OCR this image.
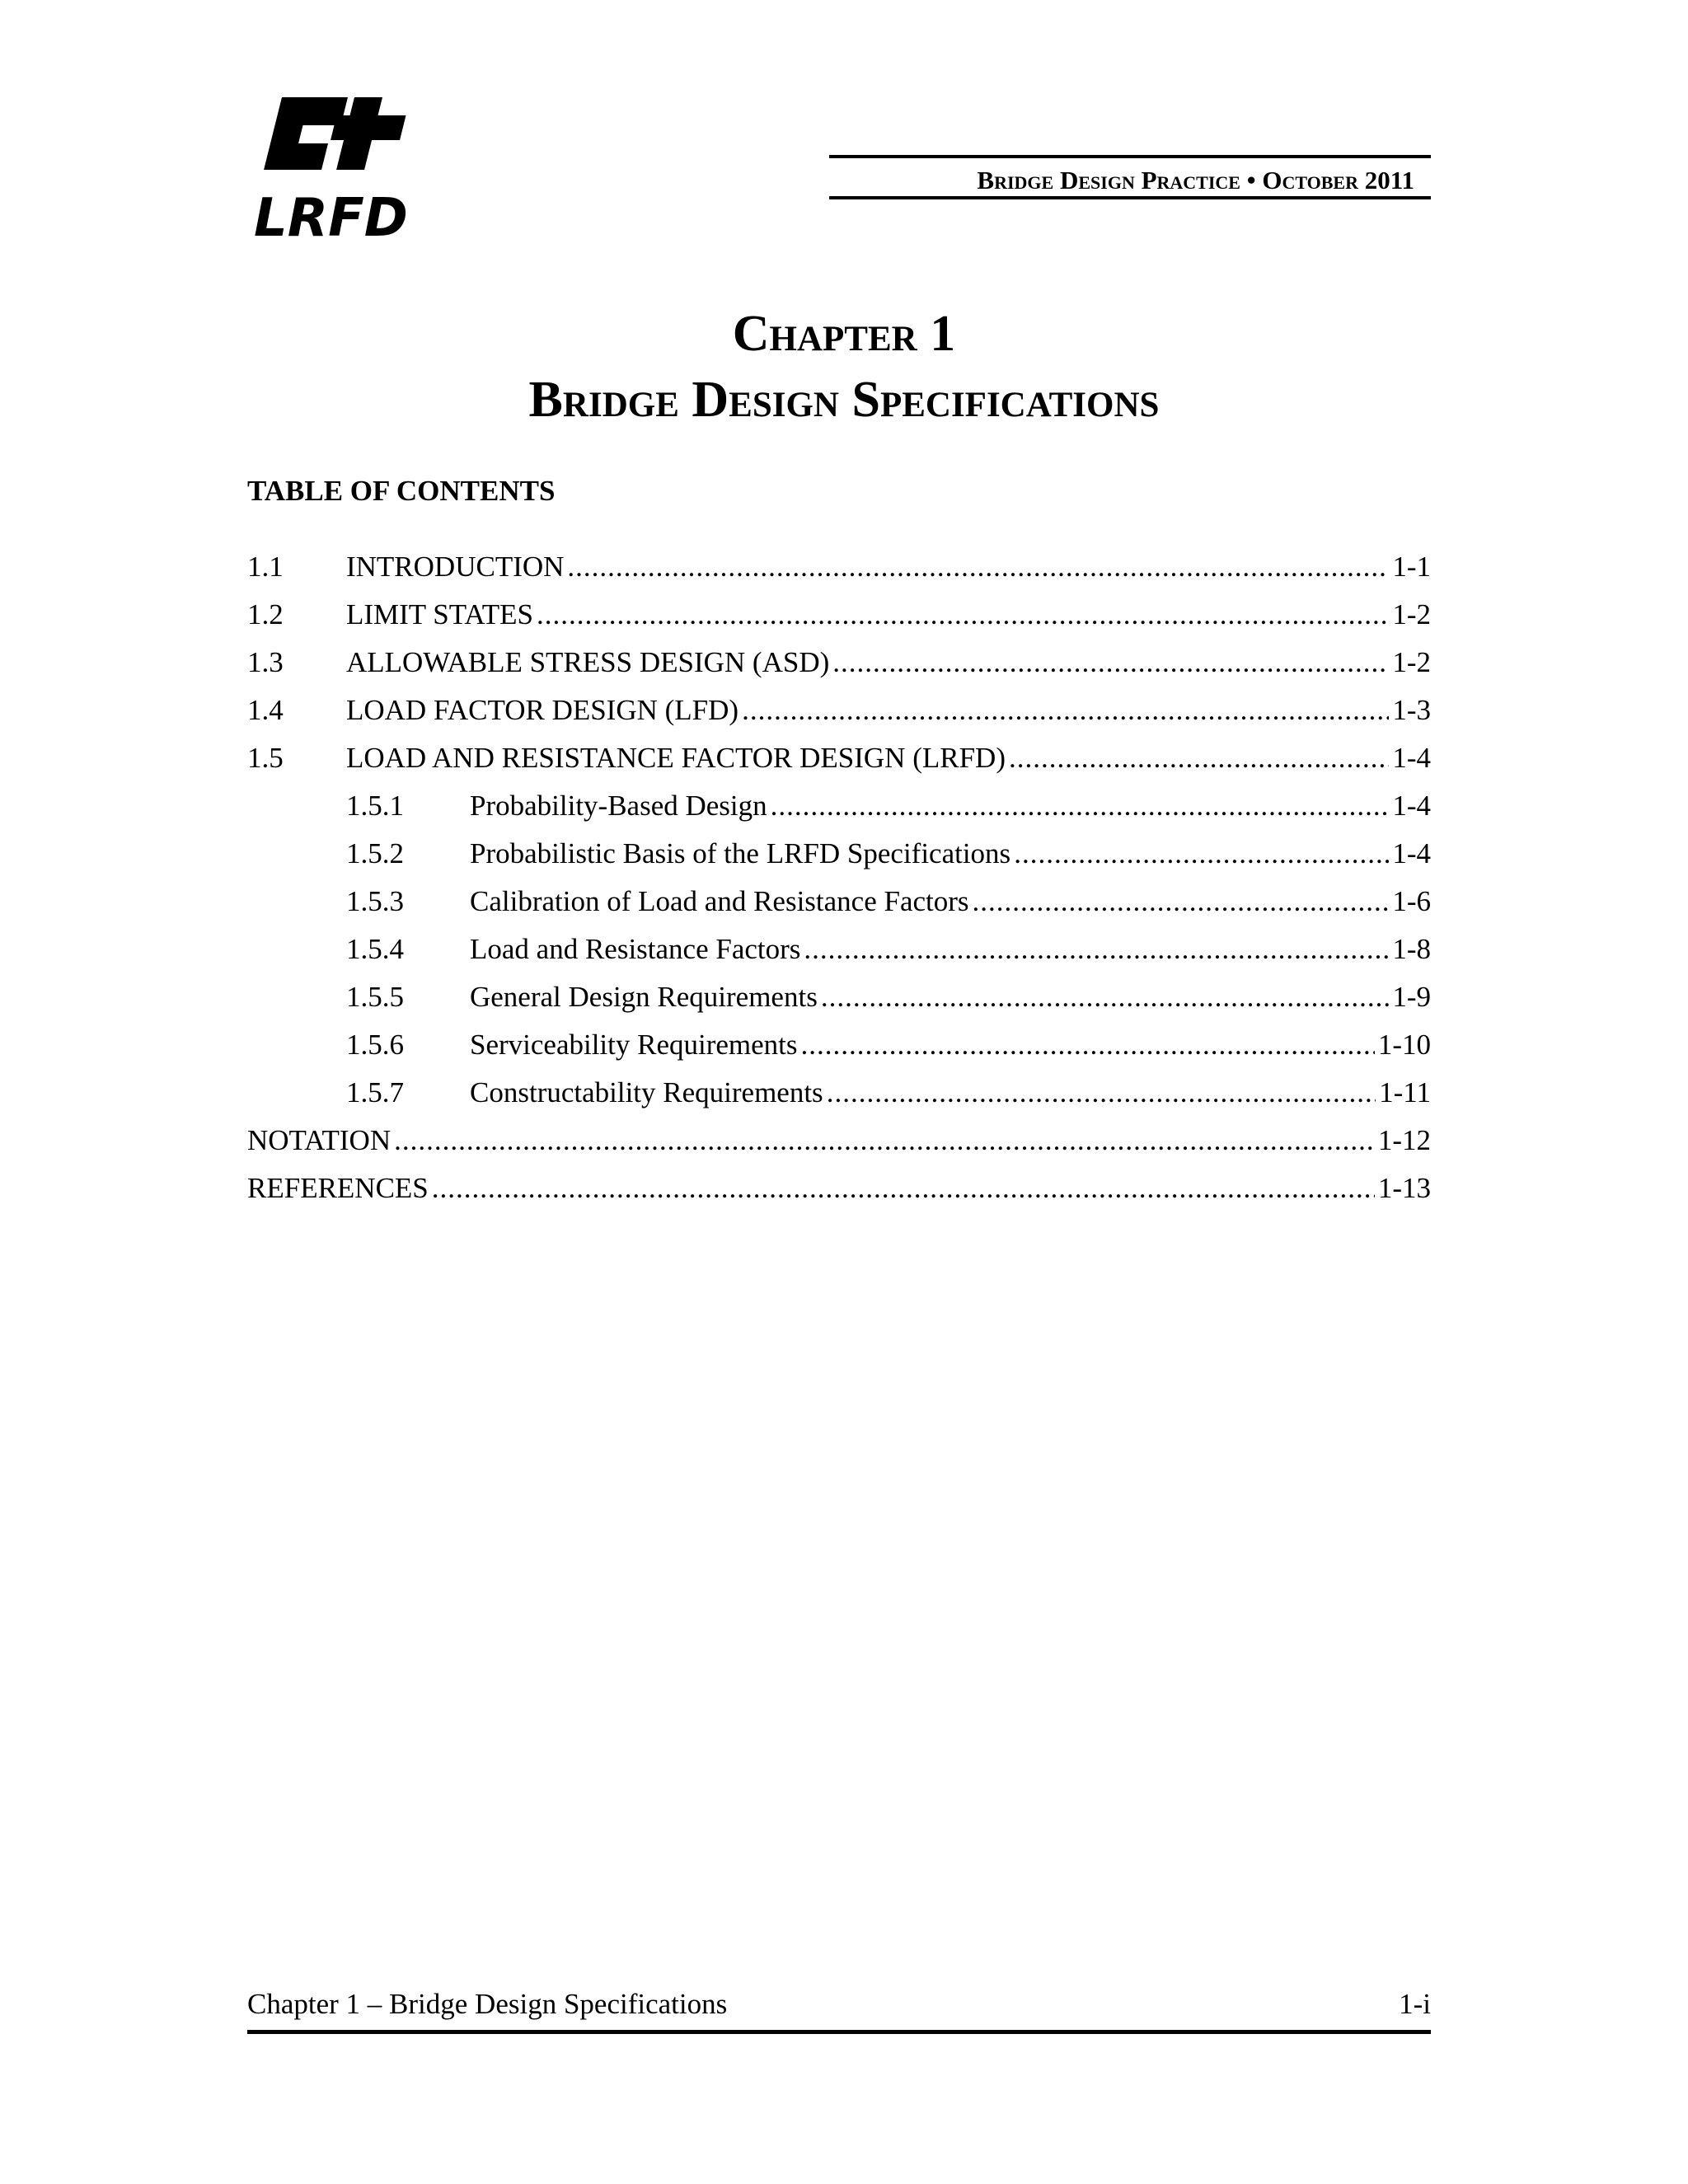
LRFD
Bridge Design Practice • October 2011
Chapter 1
Bridge Design Specifications
TABLE OF CONTENTS
1.1	INTRODUCTION .....	1-1
1.2	LIMIT STATES .....	1-2
1.3	ALLOWABLE STRESS DESIGN (ASD) .....	1-2
1.4	LOAD FACTOR DESIGN (LFD) .....	1-3
1.5	LOAD AND RESISTANCE FACTOR DESIGN (LRFD) .....	1-4
1.5.1	Probability-Based Design .....	1-4
1.5.2	Probabilistic Basis of the LRFD Specifications .....	1-4
1.5.3	Calibration of Load and Resistance Factors .....	1-6
1.5.4	Load and Resistance Factors .....	1-8
1.5.5	General Design Requirements .....	1-9
1.5.6	Serviceability Requirements .....	1-10
1.5.7	Constructability Requirements .....	1-11
NOTATION .....	1-12
REFERENCES .....	1-13
Chapter 1 – Bridge Design Specifications	1-i
